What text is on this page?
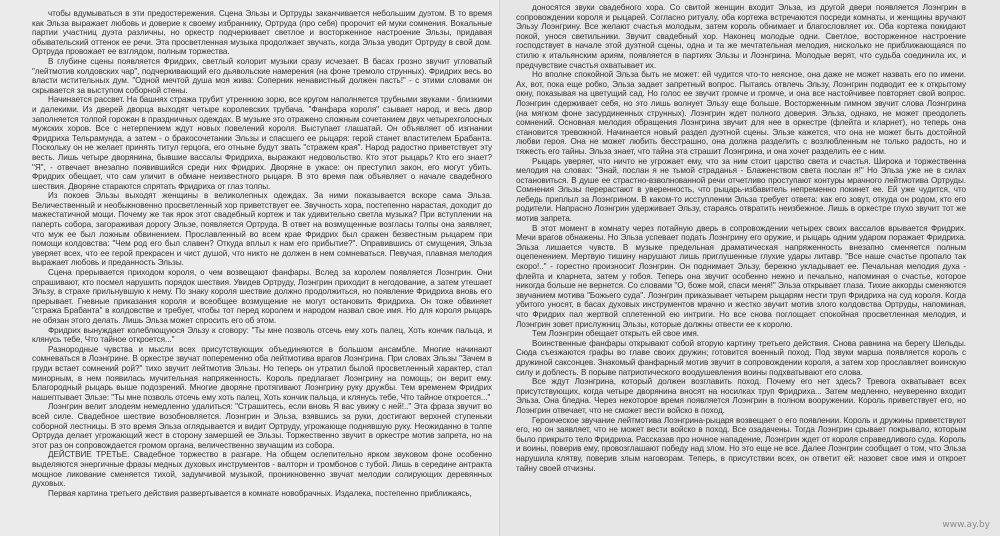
чтобы вдумываться в эти предостережения. Сцена Эльзы и Ортруды заканчивается небольшим дуэтом. В то время как Эльза выражает любовь и доверие к своему избраннику, Ортруда (про себя) пророчит ей муки сомнения. Вокальные партии участниц дуэта различны, но оркестр подчеркивает светлое и восторженное настроение Эльзы, придавая обывательский оттенок ее речи. Эта просветленная музыка продолжает звучать, когда Эльза уводит Ортруду в свой дом. Ортруда провожает ее взглядом, полным торжества.

В глубине сцены появляется Фридрих, светлый колорит музыки сразу исчезает. В басах грозно звучит угловатый "лейтмотив колдовских чар", подчеркивающий его дьявольские намерения (на фоне тремоло струнных). Фридрих весь во власти мстительных дум. "Одной мечтой душа моя жива: Соперник ненавистный должен пасть!" - с этими словами он скрывается за выступом соборной стены.

Начинается рассвет. На башнях стража трубит утреннюю зорю, все кругом наполняется трубными звуками - близкими и далекими. Из дверей дворца выходят четыре королевских трубача. "Фанфара короля" сзывает народ, и весь двор заполняется толпой горожан в праздничных одеждах. В музыке это отражено сложным сочетанием двух четырехголосных мужских хоров. Все с нетерпением ждут новых повелений короля. Выступает глашатай. Он объявляет об изгнании Фридриха Тельрамунда, а затем - о бракосочетании Эльзы и спасшего ее рыцаря: герой станет властителем Брабанта. Поскольку он не желает принять титул герцога, его отныне будут звать "стражем края". Народ радостно приветствует эту весть. Лишь четыре дворянина, бывшие вассалы Фридриха, выражают недовольство. Кто этот рыцарь? Кто его знает? "Я", - отвечает внезапно появившийся среди них Фридрих. Дворяне в ужасе: он преступил закон, его могут убить. Фридрих обещает, что сам уличит в обмане неизвестного рыцаря. В это время паж объявляет о начале свадебного шествия. Дворяне стараются спрятать Фридриха от глаз толпы.

Из покоев Эльзы выходят женщины в великолепных одеждах. За ними показывается вскоре сама Эльза. Величественный и необыкновенно просветленный хор приветствует ее. Звучность хора, постепенно нарастая, доходит до мажестатичной мощи. Почему же так ярок этот свадебный кортеж и так удивительно светла музыка? При вступлении на паперть собора, загораживая дорогу Эльзе, появляется Ортруда. В ответ на возмущенные возгласы толпы она заявляет, что муж ее был ложным обвинением. Прославленный во всем крае Фридрих был сражен безвестным рыцарем при помощи колдовства: "Чем род его был славен? Откуда вплыл к нам его прибытие?". Оправившись от смущения, Эльза уверяет всех, что ее герой прекрасен и чист душой, что никто не должен в нем сомневаться. Певучая, плавная мелодия выражает любовь и преданность Эльзы.

Сцена прерывается приходом короля, о чем возвещают фанфары. Вслед за королем появляется Лоэнгрин. Они спрашивают, кто посмел нарушить порядок шествия. Увидев Ортруду, Лоэнгрин приходит в негодование, а затем утешает Эльзу, в страхе прильнувшую к нему. По знаку короля шествие должно продолжиться, но появление Фридриха вновь его прерывает. Гневные приказания короля и всеобщее возмущение не могут остановить Фридриха. Он тоже обвиняет "стража Брабанта" в колдовстве и требует, чтобы тот перед королем и народом назвал свое имя. Но для короля рыцарь не обязан этого делать. Лишь Эльза может спросить его об этом.

Фридрих вынуждает колеблющуюся Эльзу к сговору: "Ты мне позволь отсечь ему хоть палец, Хоть кончик пальца, и клянусь тебе, Что тайное откроется..."

Разнородные чувства и мысли всех присутствующих объединяются в большом ансамбле. Многие начинают сомневаться в Лоэнгрине. В оркестре звучат попеременно оба лейтмотива врагов Лоэнгрина. При словах Эльзы "Зачем в груди встает сомнений рой?" тихо звучит лейтмотив Эльзы. Но теперь он утратил былой просветленный характер, стал минорным, в нем появилась мучительная напряженность. Король предлагает Лоэнгрину на помощь; он верит ему. Благородный рыцарь выше подозрений. Многие дворяне протягивают Лоэнгрину руку дружбы. Тем временем Фридрих нашептывает Эльзе: "Ты мне позволь отсечь ему хоть палец, Хоть кончик пальца, и клянусь тебе, Что тайное откроется..."

Лоэнгрин велит злодеям немедленно удалиться: "Страшитесь, если вновь Я вас увижу с ней!.." Эта фраза звучит во всей силе. Свадебное шествие возобновляется. Лоэнгрин и Эльза, взявшись за руки, достигают верхней ступеньки соборной лестницы. В это время Эльза оглядывается и видит Ортруду, угрожающе поднявшую руку. Неожиданно в толпе Ортруда делает угрожающий жест в сторону замершей ее Эльзы. Торжественно звучит в оркестре мотив запрета, но на этот раз он сопровождается громом органа, величественно звучащим из собора.

ДЕЙСТВИЕ ТРЕТЬЕ. Свадебное торжество в разгаре. На общем ослепительно ярком звуковом фоне особенно выделяются энергичные фразы медных духовых инструментов - валторн и тромбонов с тубой. Лишь в середине антракта мощное ликование сменяется тихой, задумчивой музыкой, проникновенно звучат мелодии солирующих деревянных духовых.

Первая картина третьего действия развертывается в комнате новобрачных. Издалека, постепенно приближаясь,

доносятся звуки свадебного хора. Со свитой женщин входит Эльза, из другой двери появляется Лоэнгрин в сопровождении короля и рыцарей. Согласно ритуалу, оба кортежа встречаются посреди комнаты, и женщины вручают Эльзу Лоэнгрину. Все желают счастья молодым, затем король обнимает и благословляет их. Оба кортежа покидают покой, унося светильники. Звучит свадебный хор. Наконец молодые одни. Светлое, восторженное настроение господствует в начале этой дуэтной сцены, одна и та же мечтательная мелодия, нисколько не приближающаяся по стилю к итальянским ариям, появляется в партиях Эльзы и Лоэнгрина. Молодые верят, что судьба соединила их, и предчувствие счастья охватывает их.

Но вполне спокойной Эльза быть не может: ей чудится что-то неясное, она даже не может назвать его по имени. Ах, вот, пока еще робко, Эльза задает запретный вопрос. Пытаясь отвлечь Эльзу, Лоэнгрин подводит ее к открытому окну, показывая на цветущий сад. Но голос ее звучит громче и громче, и она все настойчивее повторяет свой вопрос. Лоэнгрин сдерживает себя, но это лишь волнует Эльзу еще больше. Восторженным гимном звучит слова Лоэнгрина (на мягком фоне засурдиненных струнных). Лоэнгрин ждет полного доверия. Эльза, однако, не может преодолеть сомнений. Основная мелодия обращения Лоэнгрина звучит для нее в оркестре (флейта и кларнет), но теперь она становится тревожной. Начинается новый раздел дуэтной сцены. Эльзе кажется, что она не может быть достойной любви героя. Она не может любить бесстрашно, она должна разделить с возлюбленным не только радость, но и тяжесть его тайны. Эльза знает, что тайна эта страшит Лоэнгрина, и она хочет разделить ее с ним.

Рыцарь уверяет, что ничто не угрожает ему, что за ним стоит царство света и счастья. Широка и торжественна мелодия на словах: "Знай, послан я не тьмой страданья - Блаженством света послан я!" Но Эльза уже не в силах остановиться. В душе ее страстно-взволнованной речи отчетливо проступают контуры мрачного лейтмотива Ортруды. Сомнения Эльзы перерастают в уверенность, что рыцарь-избавитель непременно покинет ее. Ей уже чудится, что лебедь приплыл за Лоэнгрином. В каком-то исступлении Эльза требует ответа: как его зовут, откуда он родом, кто его родители. Напрасно Лоэнгрин удерживает Эльзу, стараясь отвратить неизбежное. Лишь в оркестре глухо звучит тот же мотив запрета.

В этот момент в комнату через потайную дверь в сопровождении четырех своих вассалов врывается Фридрих. Мечи врагов обнажены. Но Эльза успевает подать Лоэнгрину его оружие, и рыцарь одним ударом поражает Фридриха. Эльза лишается чувств. В музыке предельная драматическая напряженность внезапно сменяется полным оцепенением. Мертвую тишину нарушают лишь приглушенные глухие удары литавр. "Все наше счастье пропало так скоро!.." - горестно произносит Лоэнгрин. Он поднимает Эльзу, бережно укладывает ее. Печальная мелодия духа - флейта и кларнета, затем у гобоя. Теперь она звучит особенно нежно и печально, напоминая о счастье, которое никогда больше не вернется. Со словами "О, боже мой, спаси меня!" Эльза открывает глаза. Тихие аккорды сменяются звучанием мотива "Божьего суда". Лоэнгрин приказывает четырем рыцарям нести труп Фридриха на суд короля. Когда убитого уносят, в басах духовых инструментов мрачно и жестко звучит мотив злого колдовства Ортруды, напоминая, что Фридрих пал жертвой сплетенной ею интриги. Но все снова поглощает спокойная просветленная мелодия, и Лоэнгрин зовет прислужниц Эльзы, которые должны отвести ее к королю.

Тем Лоэнгрин обещает открыть ей свое имя.

Воинственные фанфары открывают собой вторую картину третьего действия. Снова равнина на берегу Шельды. Сюда съезжаются графы во главе своих дружин; готовится военный поход. Под звуки марша появляется король с дружиной саксонцев. Знакомый фанфарный мотив звучит в сопровождении короля, а затем хор прославляет воинскую силу и доблесть. В порыве патриотического воодушевления воины подхватывают его слова.

Все ждут Лоэнгрина, который должен возглавить поход. Почему его нет здесь? Тревога охватывает всех присутствующих, когда четыре дворянина вносят на носилках труп Фридриха... Затем медленно, неуверенно входит Эльза. Она бледна. Через некоторое время появляется Лоэнгрин в полном вооружении. Король приветствует его, но Лоэнгрин отвечает, что не сможет вести войско в поход.

Героическое звучание лейтмотива Лоэнгрина-рыцаря возвещает о его появлении. Король и дружины приветствуют его, но он заявляет, что не может вести войско в поход. Все озадачены. Тогда Лоэнгрин срывает покрывало, которым было прикрыто тело Фридриха. Рассказав про ночное нападение, Лоэнгрин ждет от короля справедливого суда. Король и воины, поверив ему, провозглашают победу над злом. Но это еще не все. Далее Лоэнгрин сообщает о том, что Эльза нарушила клятву, поверив злым наговорам. Теперь, в присутствии всех, он ответит ей: назовет свое имя и откроет тайну своей отчизны.

www.ay.by
